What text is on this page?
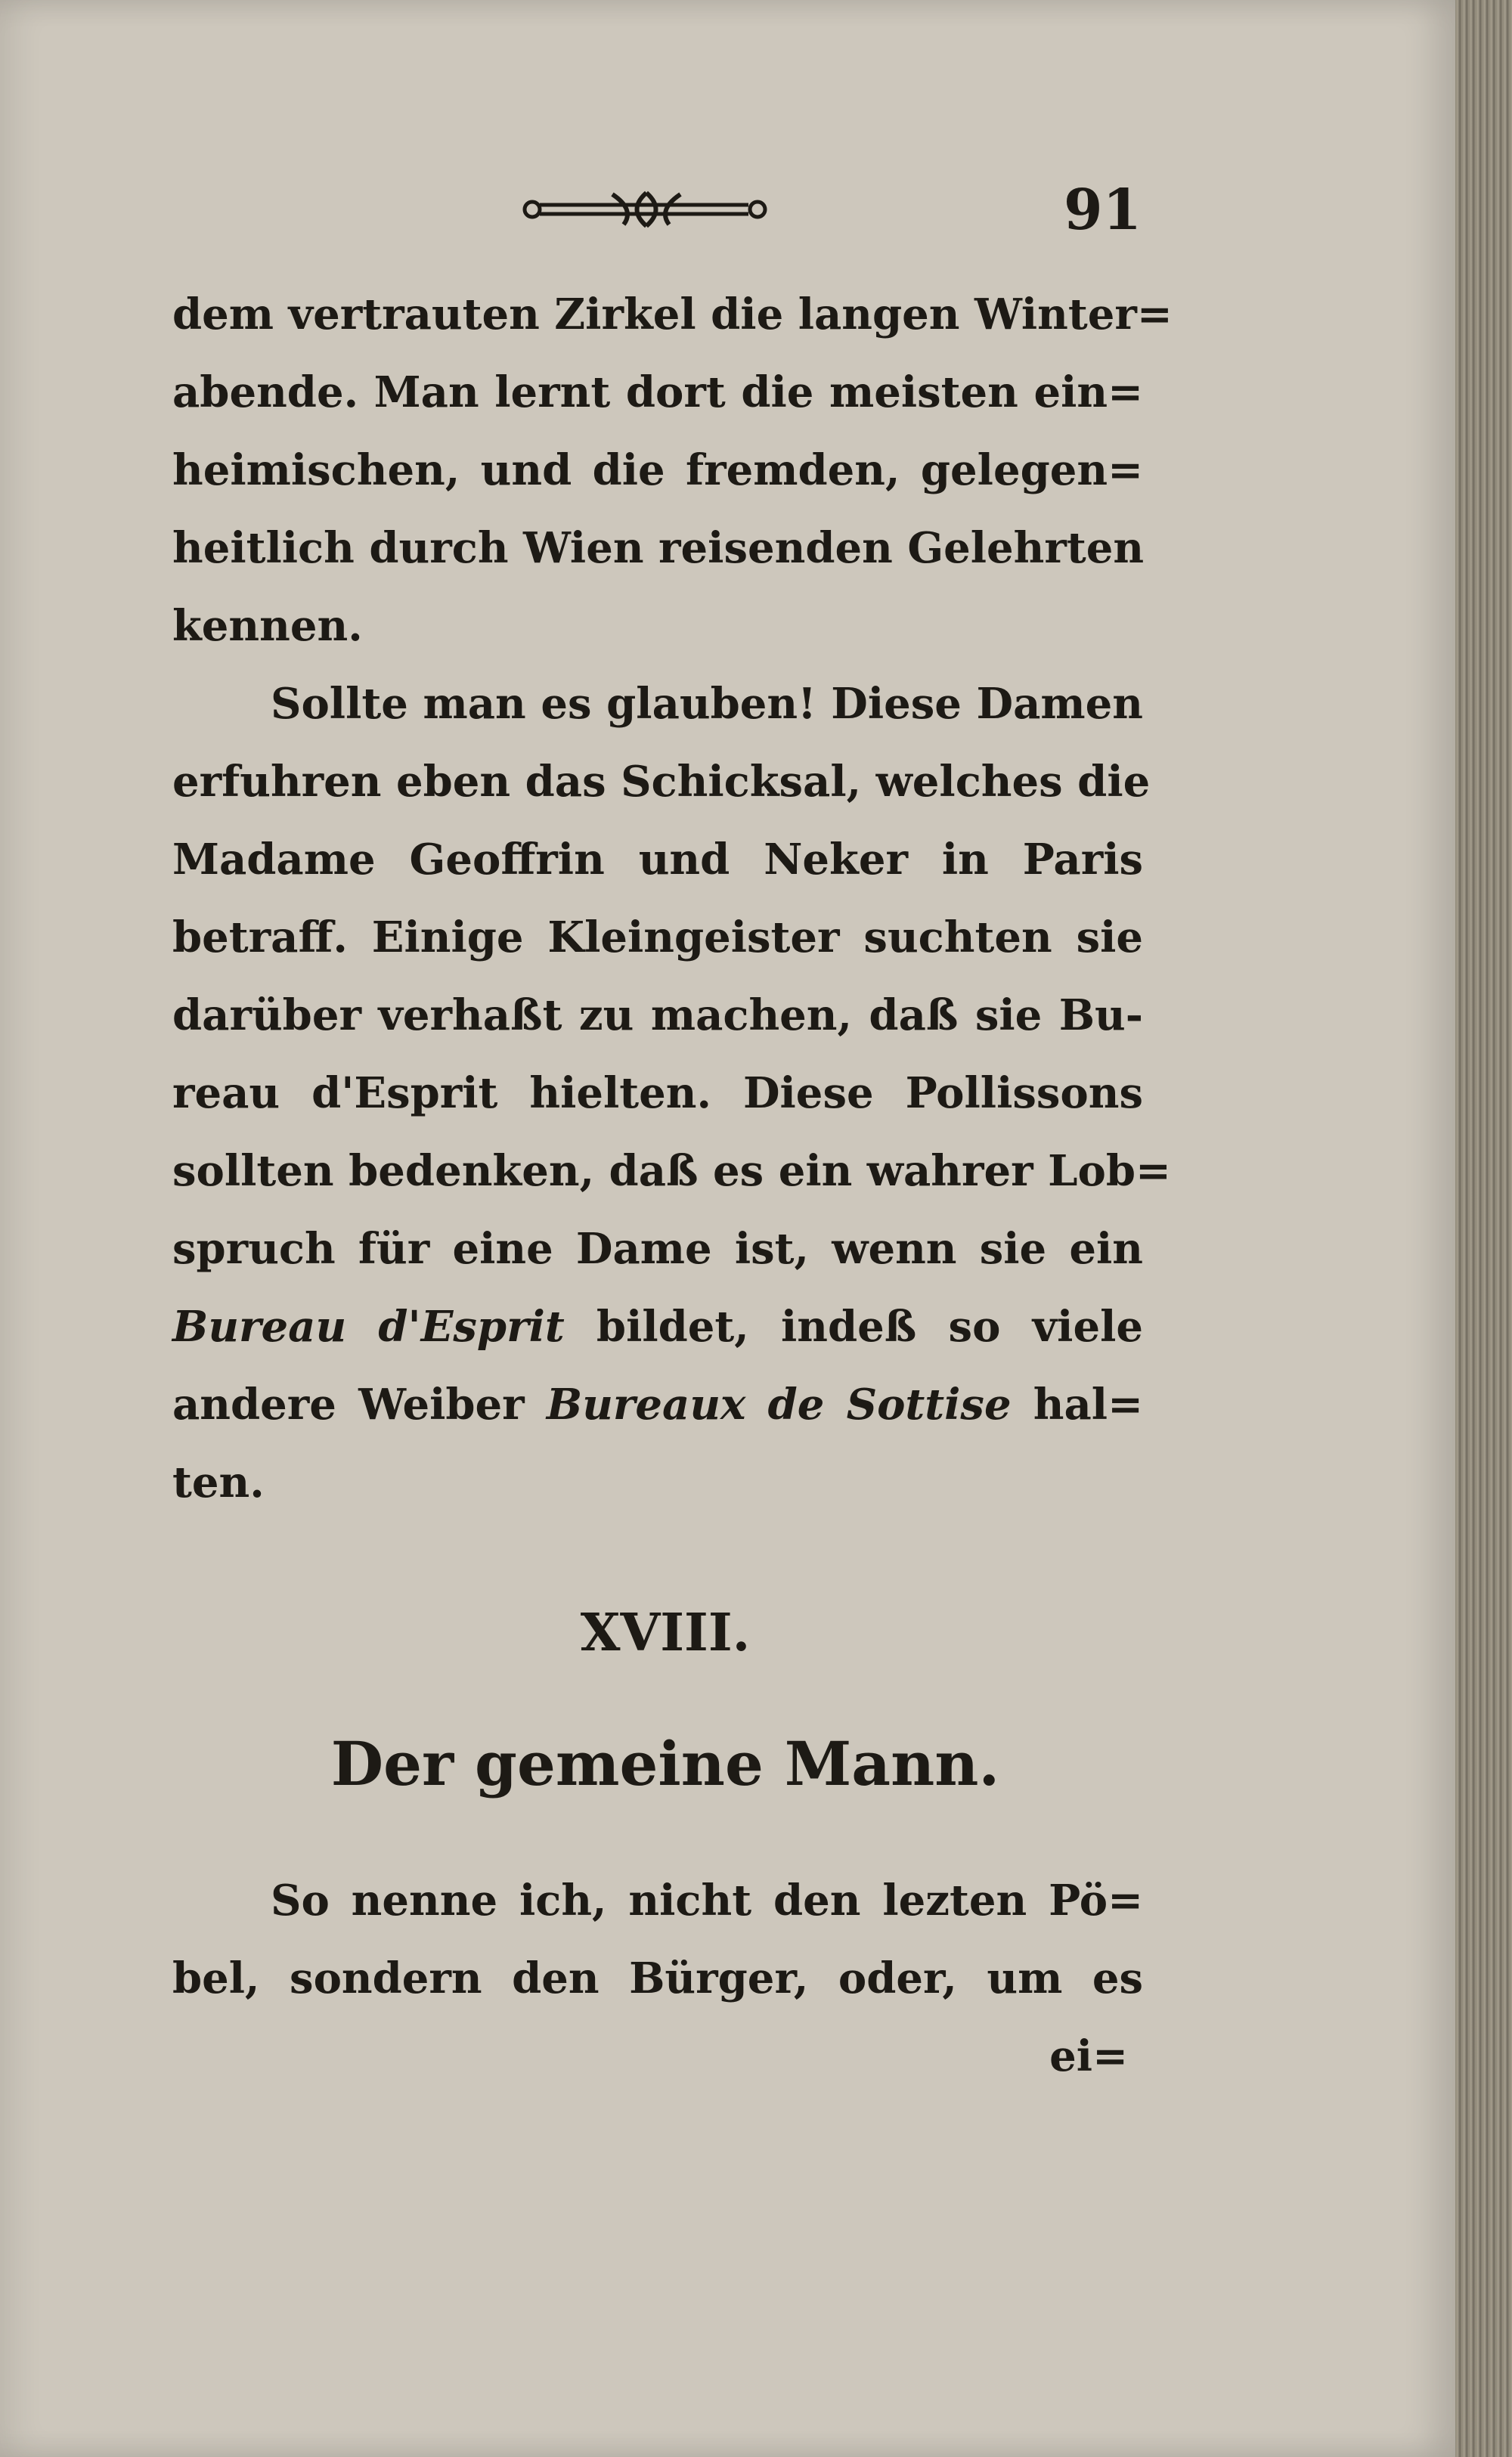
91
dem vertrauten Zirkel die langen Winter=
abende. Man lernt dort die meisten ein=
heimischen, und die fremden, gelegen=
heitlich durch Wien reisenden Gelehrten
kennen.
Sollte man es glauben! Diese Damen
erfuhren eben das Schicksal, welches die
Madame Geoffrin und Neker in Paris
betraff. Einige Kleingeister suchten sie
darüber verhaßt zu machen, daß sie Bu-
reau d'Esprit hielten. Diese Pollissons
sollten bedenken, daß es ein wahrer Lob=
spruch für eine Dame ist, wenn sie ein
Bureau d'Esprit bildet, indeß so viele
andere Weiber Bureaux de Sottise hal=
ten.
XVIII.
Der gemeine Mann.
So nenne ich, nicht den lezten Pö=
bel, sondern den Bürger, oder, um es
ei=
